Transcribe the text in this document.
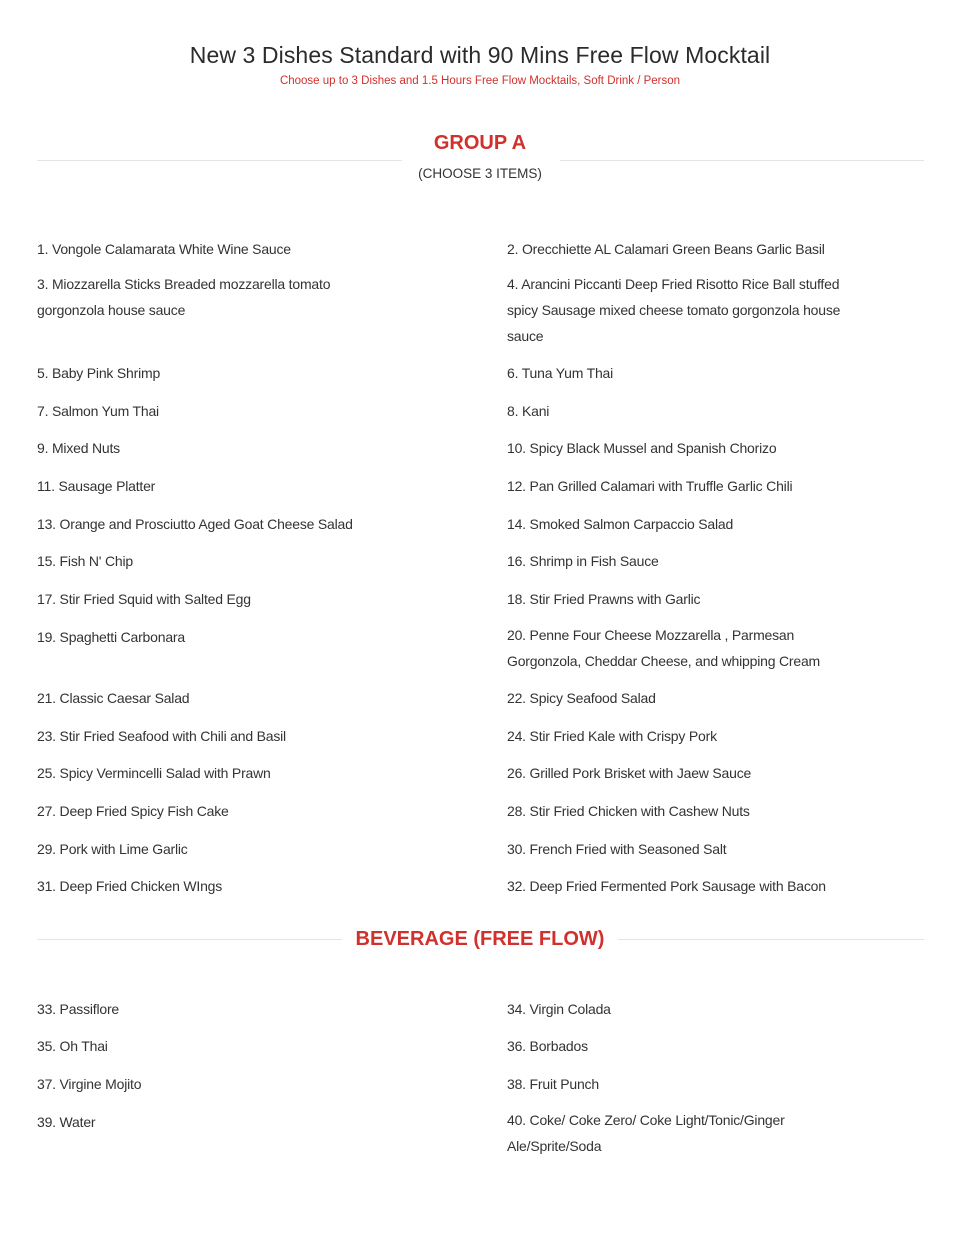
New 3 Dishes Standard with 90 Mins Free Flow Mocktail
Choose up to 3 Dishes and 1.5 Hours Free Flow Mocktails, Soft Drink / Person
GROUP A
(CHOOSE 3 ITEMS)
1. Vongole Calamarata White Wine Sauce
3. Miozzarella Sticks Breaded mozzarella tomato gorgonzola house sauce
5. Baby Pink Shrimp
7. Salmon Yum Thai
9. Mixed Nuts
11. Sausage Platter
13. Orange and Prosciutto Aged Goat Cheese Salad
15. Fish N' Chip
17. Stir Fried Squid with Salted Egg
19. Spaghetti Carbonara
21. Classic Caesar Salad
23. Stir Fried Seafood with Chili and Basil
25. Spicy Vermincelli Salad with Prawn
27. Deep Fried Spicy Fish Cake
29. Pork with Lime Garlic
31. Deep Fried Chicken WIngs
2. Orecchiette AL Calamari Green Beans Garlic Basil
4. Arancini Piccanti Deep Fried Risotto Rice Ball stuffed spicy Sausage mixed cheese tomato gorgonzola house sauce
6. Tuna Yum Thai
8. Kani
10. Spicy Black Mussel and Spanish Chorizo
12. Pan Grilled Calamari with Truffle Garlic Chili
14. Smoked Salmon Carpaccio Salad
16. Shrimp in Fish Sauce
18. Stir Fried Prawns with Garlic
20. Penne Four Cheese Mozzarella , Parmesan Gorgonzola, Cheddar Cheese, and whipping Cream
22. Spicy Seafood Salad
24. Stir Fried Kale with Crispy Pork
26. Grilled Pork Brisket with Jaew Sauce
28. Stir Fried Chicken with Cashew Nuts
30. French Fried with Seasoned Salt
32. Deep Fried Fermented Pork Sausage with Bacon
BEVERAGE (FREE FLOW)
33. Passiflore
35. Oh Thai
37. Virgine Mojito
39. Water
34. Virgin Colada
36. Borbados
38. Fruit Punch
40. Coke/ Coke Zero/ Coke Light/Tonic/Ginger Ale/Sprite/Soda
